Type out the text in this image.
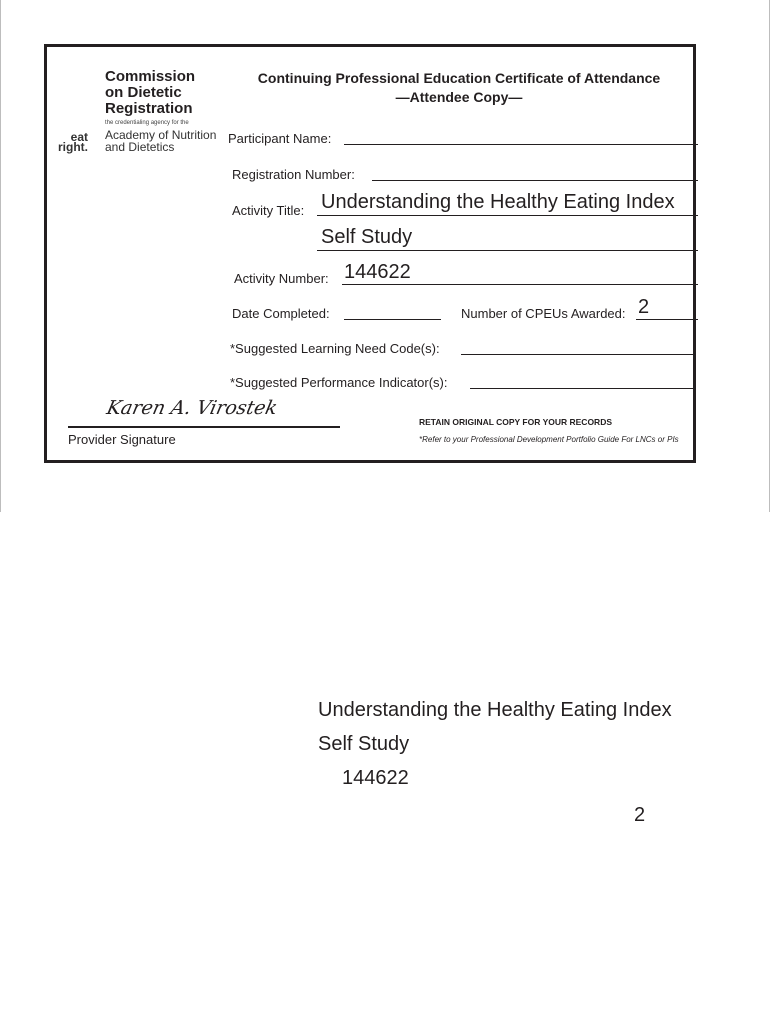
Commission
on Dietetic
Registration
the credentialing agency for the
eat
right.
Academy of Nutrition
and Dietetics
Continuing Professional Education Certificate of Attendance
—Attendee Copy—
Participant Name:
Registration Number:
Activity Title: Understanding the Healthy Eating Index
Self Study
Activity Number: 144622
Date Completed:	Number of CPEUs Awarded: 2
*Suggested Learning Need Code(s):
*Suggested Performance Indicator(s):
Karen A. Virostek
Provider Signature
RETAIN ORIGINAL COPY FOR YOUR RECORDS
*Refer to your Professional Development Portfolio Guide For LNCs or PIs
Understanding the Healthy Eating Index
Self Study
144622
2
